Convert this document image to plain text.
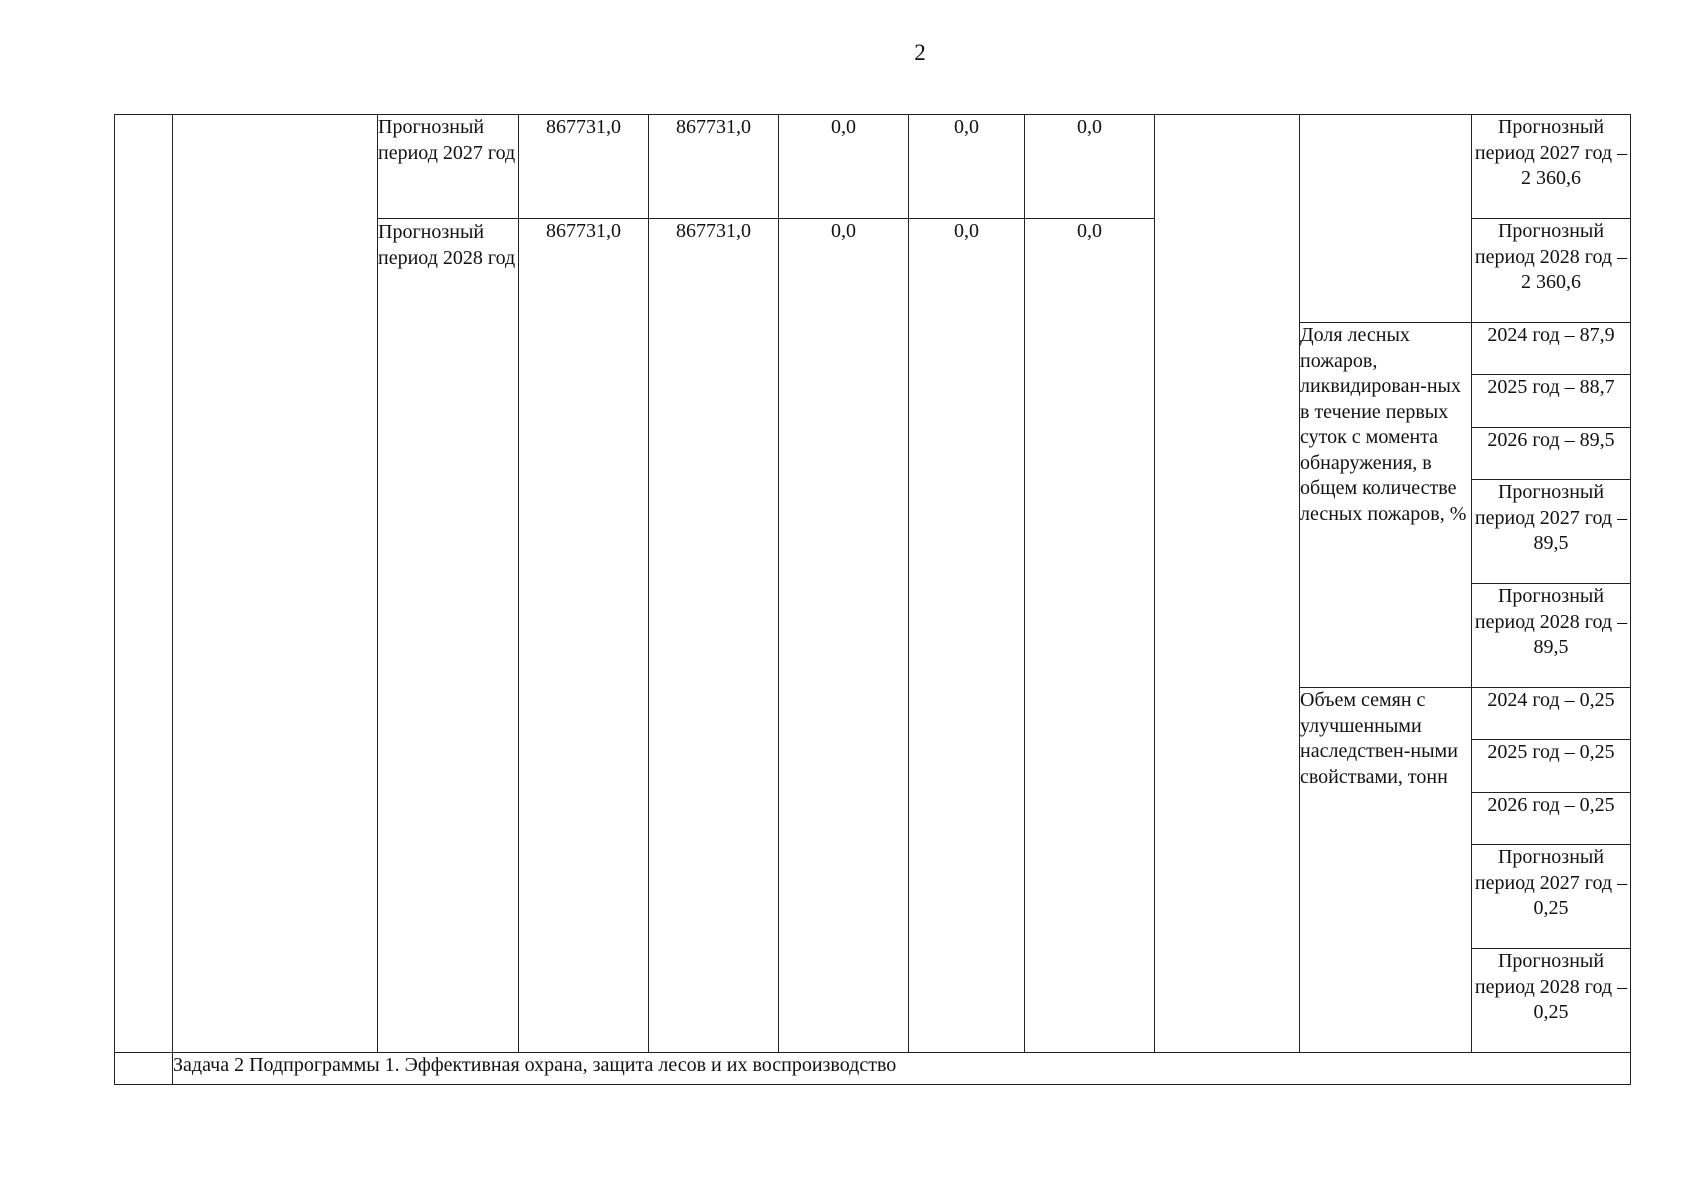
2
		Прогнозный период 2027 год	867731,0	867731,0	0,0	0,0	0,0			Прогнозный период 2027 год – 2 360,6
		Прогнозный период 2028 год	867731,0	867731,0	0,0	0,0	0,0			Прогнозный период 2028 год – 2 360,6
									Доля лесных пожаров, ликвидирован-ных в течение первых суток с момента обнаружения, в общем количестве лесных пожаров, %	2024 год – 87,9
										2025 год – 88,7
										2026 год – 89,5
										Прогнозный период 2027 год – 89,5
										Прогнозный период 2028 год – 89,5
									Объем семян с улучшенными наследствен-ными свойствами, тонн	2024 год – 0,25
										2025 год – 0,25
										2026 год – 0,25
										Прогнозный период 2027 год – 0,25
										Прогнозный период 2028 год – 0,25
	Задача 2 Подпрограммы 1. Эффективная охрана, защита лесов и их воспроизводство									
